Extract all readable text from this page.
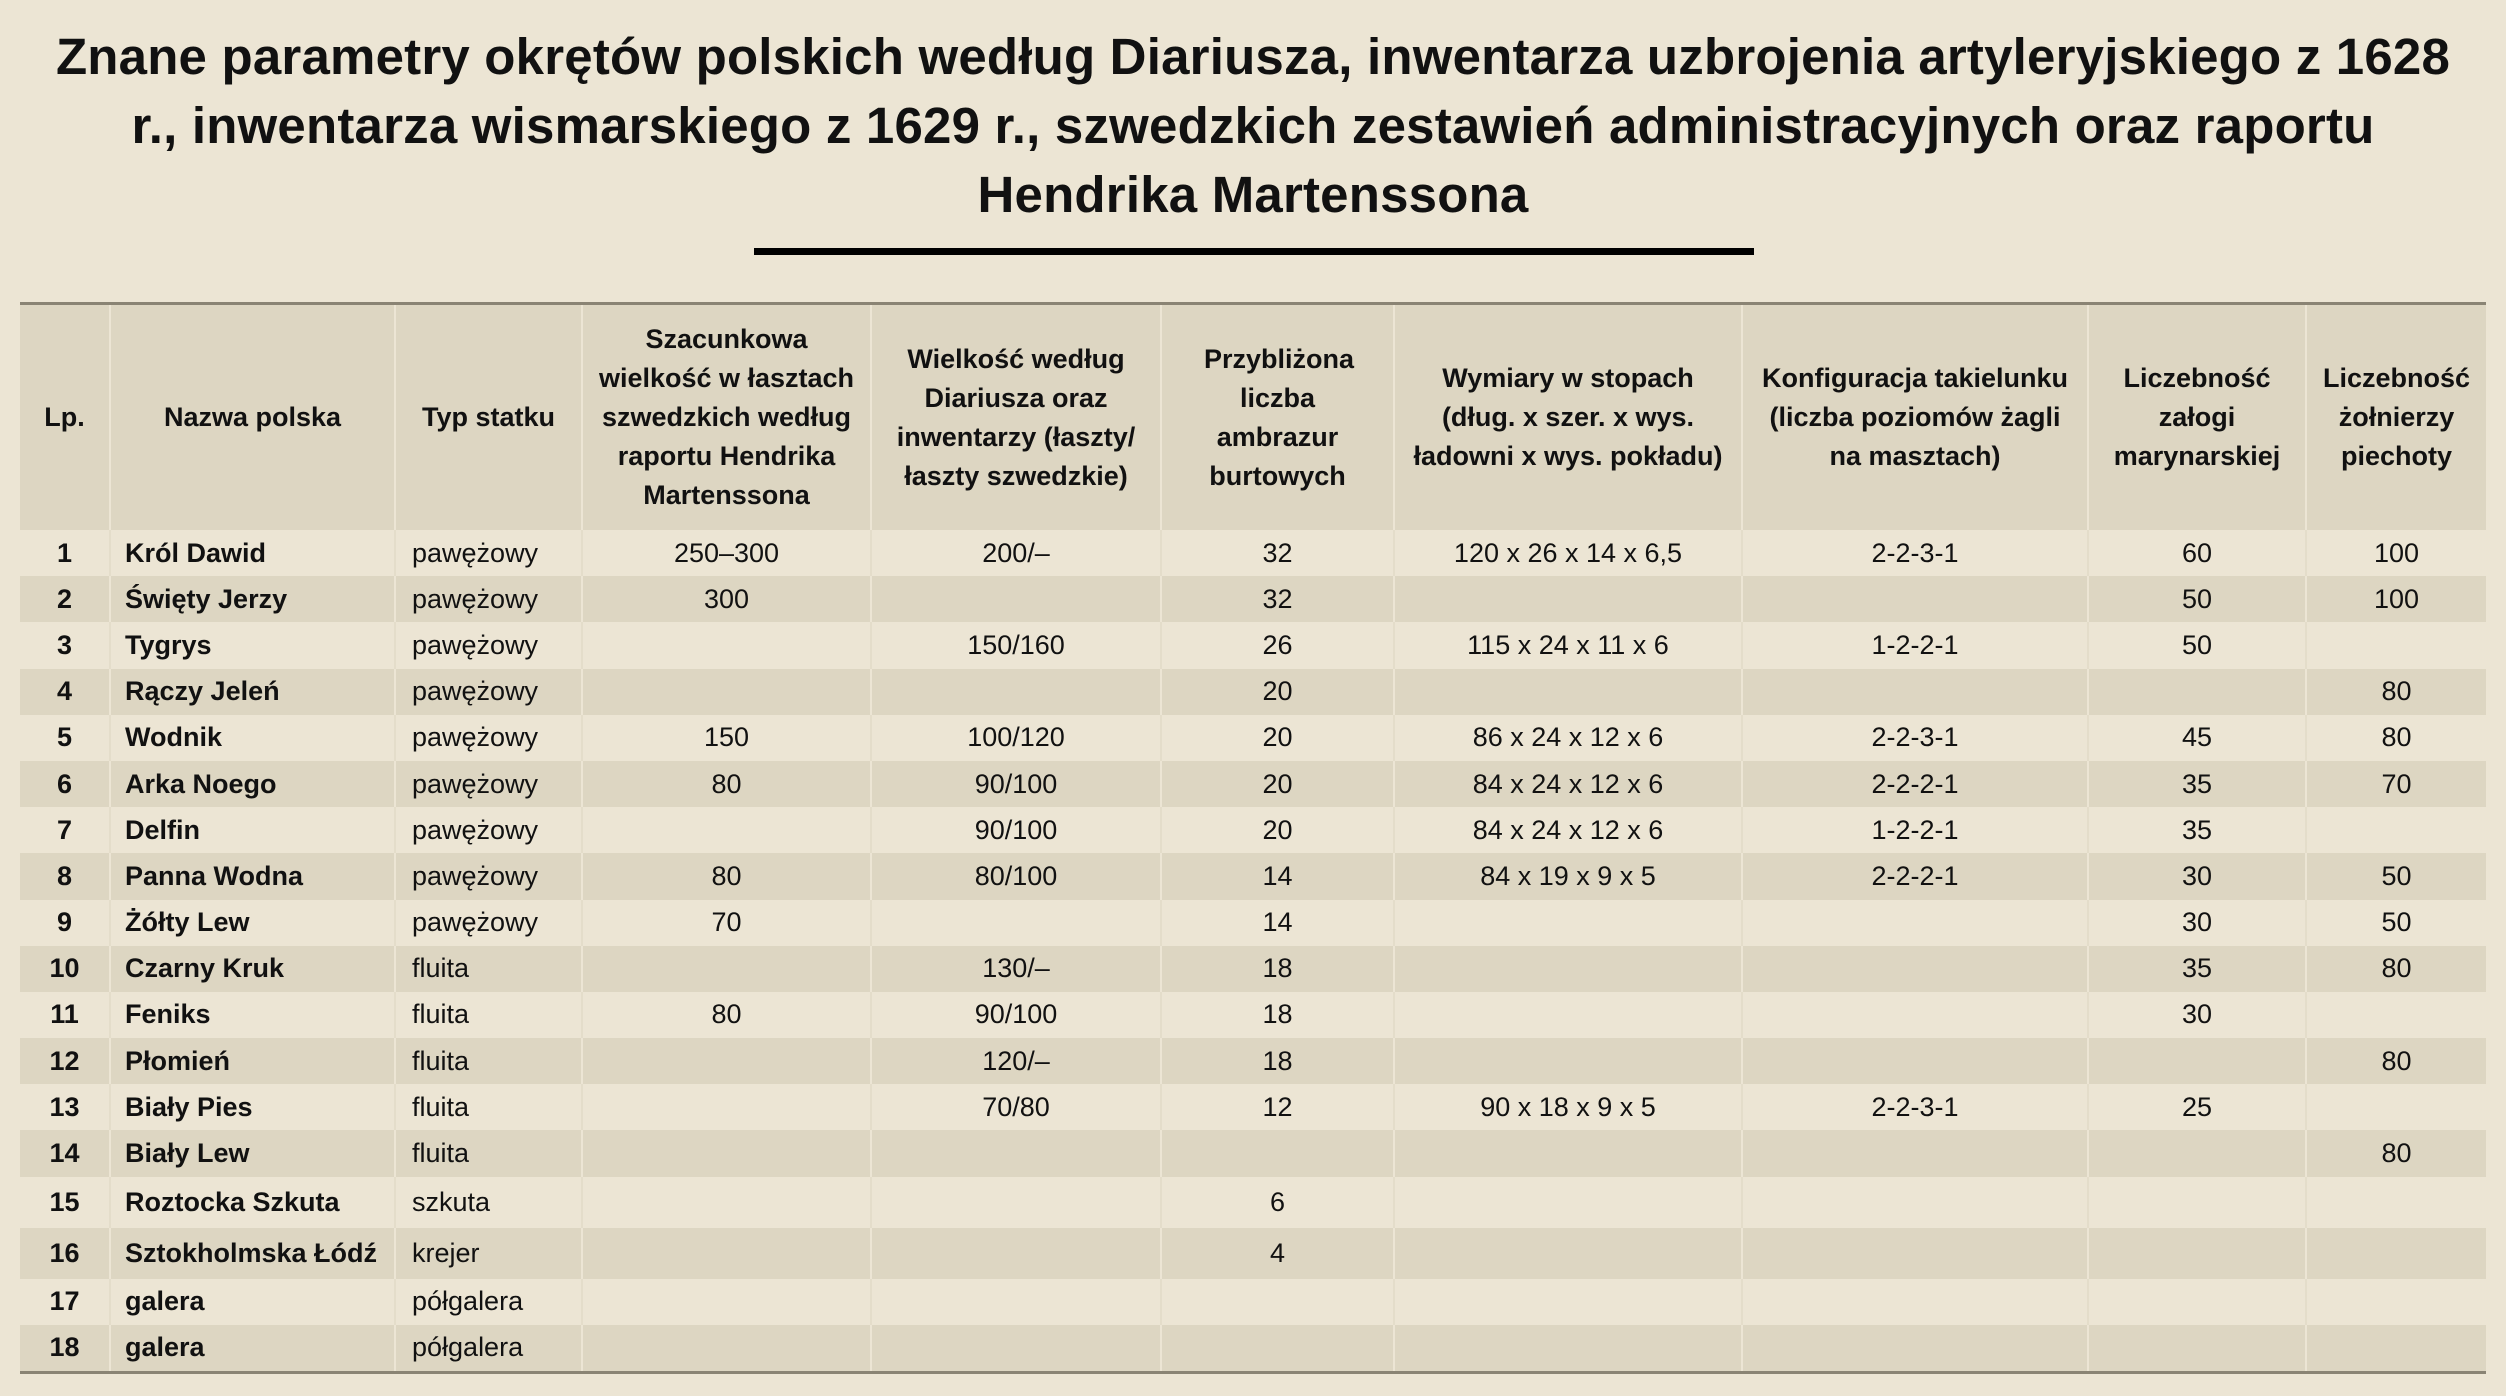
Znane parametry okrętów polskich według Diariusza, inwentarza uzbrojenia artyleryjskiego z 1628 r., inwentarza wismarskiego z 1629 r., szwedzkich zestawień administracyjnych oraz raportu Hendrika Martenssona
Lp.	Nazwa polska	Typ statku	Szacunkowa wielkość w łasztach szwedzkich według raportu Hendrika Martenssona	Wielkość według Diariusza oraz inwentarzy (łaszty/łaszty szwedzkie)	Przybliżona liczba ambrazur burtowych	Wymiary w stopach (dług. x szer. x wys. ładowni x wys. pokładu)	Konfiguracja takielunku (liczba poziomów żagli na masztach)	Liczebność załogi marynarskiej	Liczebność żołnierzy piechoty
1	Król Dawid	pawężowy	250–300	200/–	32	120 x 26 x 14 x 6,5	2-2-3-1	60	100
2	Święty Jerzy	pawężowy	300		32			50	100
3	Tygrys	pawężowy		150/160	26	115 x 24 x 11 x 6	1-2-2-1	50	
4	Rączy Jeleń	pawężowy			20				80
5	Wodnik	pawężowy	150	100/120	20	86 x 24 x 12 x 6	2-2-3-1	45	80
6	Arka Noego	pawężowy	80	90/100	20	84 x 24 x 12 x 6	2-2-2-1	35	70
7	Delfin	pawężowy		90/100	20	84 x 24 x 12 x 6	1-2-2-1	35	
8	Panna Wodna	pawężowy	80	80/100	14	84 x 19 x 9 x 5	2-2-2-1	30	50
9	Żółty Lew	pawężowy	70		14			30	50
10	Czarny Kruk	fluita		130/–	18			35	80
11	Feniks	fluita	80	90/100	18			30	
12	Płomień	fluita		120/–	18				80
13	Biały Pies	fluita		70/80	12	90 x 18 x 9 x 5	2-2-3-1	25	
14	Biały Lew	fluita							80
15	Roztocka Szkuta	szkuta			6				
16	Sztokholmska Łódź	krejer			4				
17	galera	półgalera							
18	galera	półgalera							
